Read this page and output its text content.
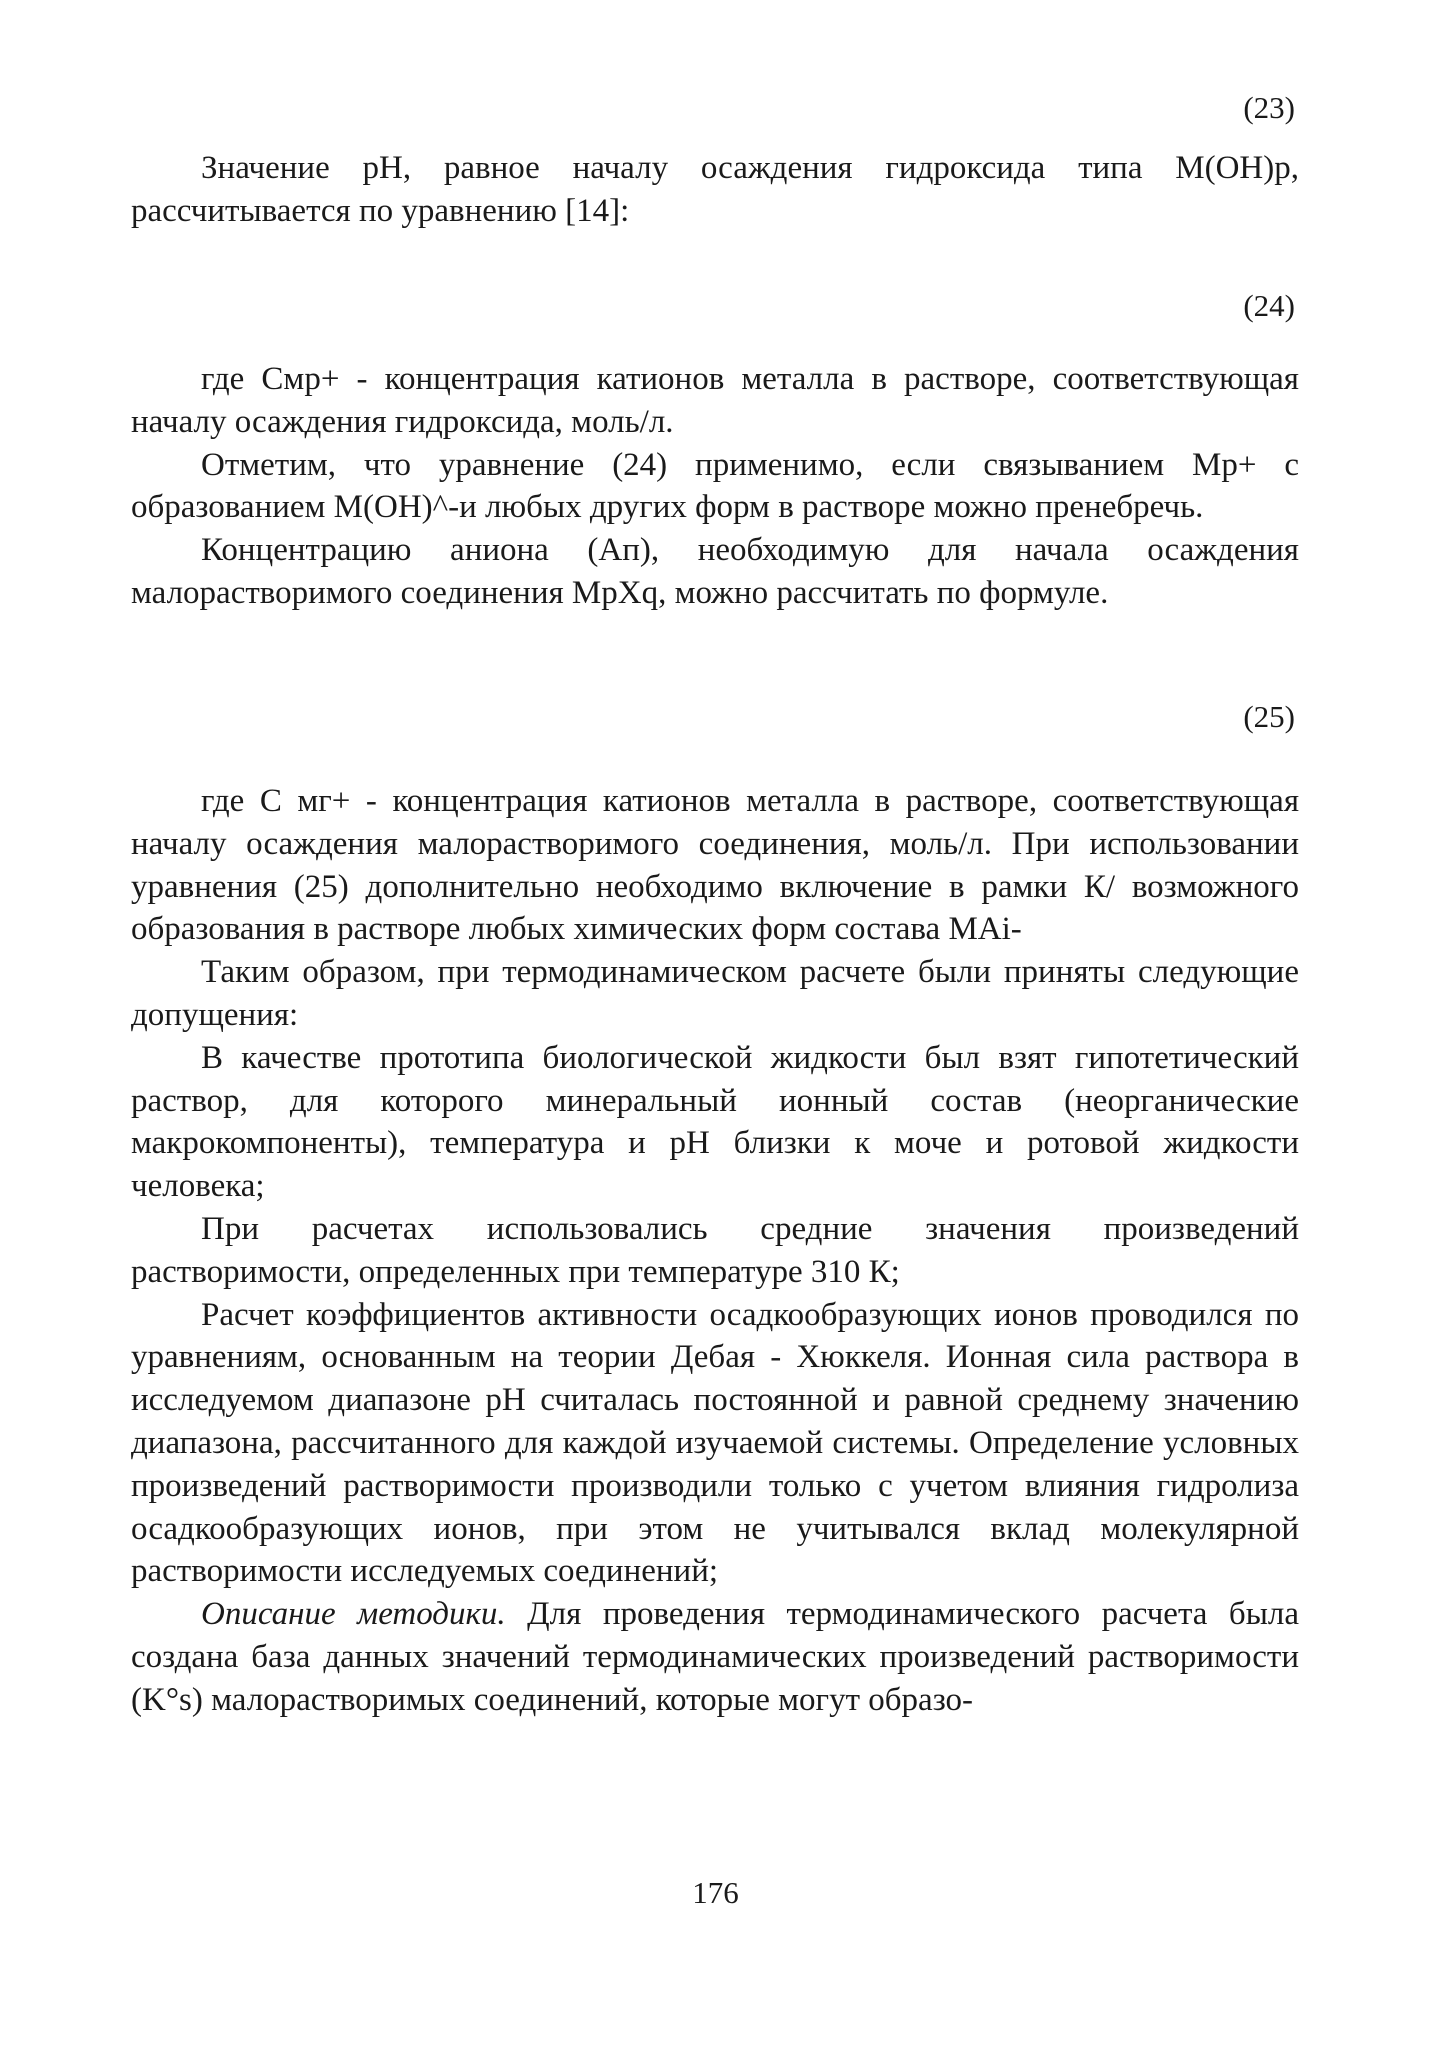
(23)

Значение pH, равное началу осаждения гидроксида типа M(OH)p, рассчитывается по уравнению [14]:

(24)

где Смр+ - концентрация катионов металла в растворе, соответствующая началу осаждения гидроксида, моль/л.

Отметим, что уравнение (24) применимо, если связыванием Мр+ с образованием М(ОН)^-и любых других форм в растворе можно пренебречь.

Концентрацию аниона (Ап), необходимую для начала осаждения малорастворимого соединения MpXq, можно рассчитать по формуле.

(25)

где С мг+ - концентрация катионов металла в растворе, соответствующая началу осаждения малорастворимого соединения, моль/л. При использовании уравнения (25) дополнительно необходимо включение в рамки К/ возможного образования в растворе любых химических форм состава MAi-

Таким образом, при термодинамическом расчете были приняты следующие допущения:

В качестве прототипа биологической жидкости был взят гипотетический раствор, для которого минеральный ионный состав (неорганические макрокомпоненты), температура и pH близки к моче и ротовой жидкости человека;

При расчетах использовались средние значения произведений растворимости, определенных при температуре 310 К;

Расчет коэффициентов активности осадкообразующих ионов проводился по уравнениям, основанным на теории Дебая - Хюккеля. Ионная сила раствора в исследуемом диапазоне pH считалась постоянной и равной среднему значению диапазона, рассчитанного для каждой изучаемой системы. Определение условных произведений растворимости производили только с учетом влияния гидролиза осадкообразующих ионов, при этом не учитывался вклад молекулярной растворимости исследуемых соединений;

Описание методики. Для проведения термодинамического расчета была создана база данных значений термодинамических произведений растворимости (K°s) малорастворимых соединений, которые могут образо-

176
